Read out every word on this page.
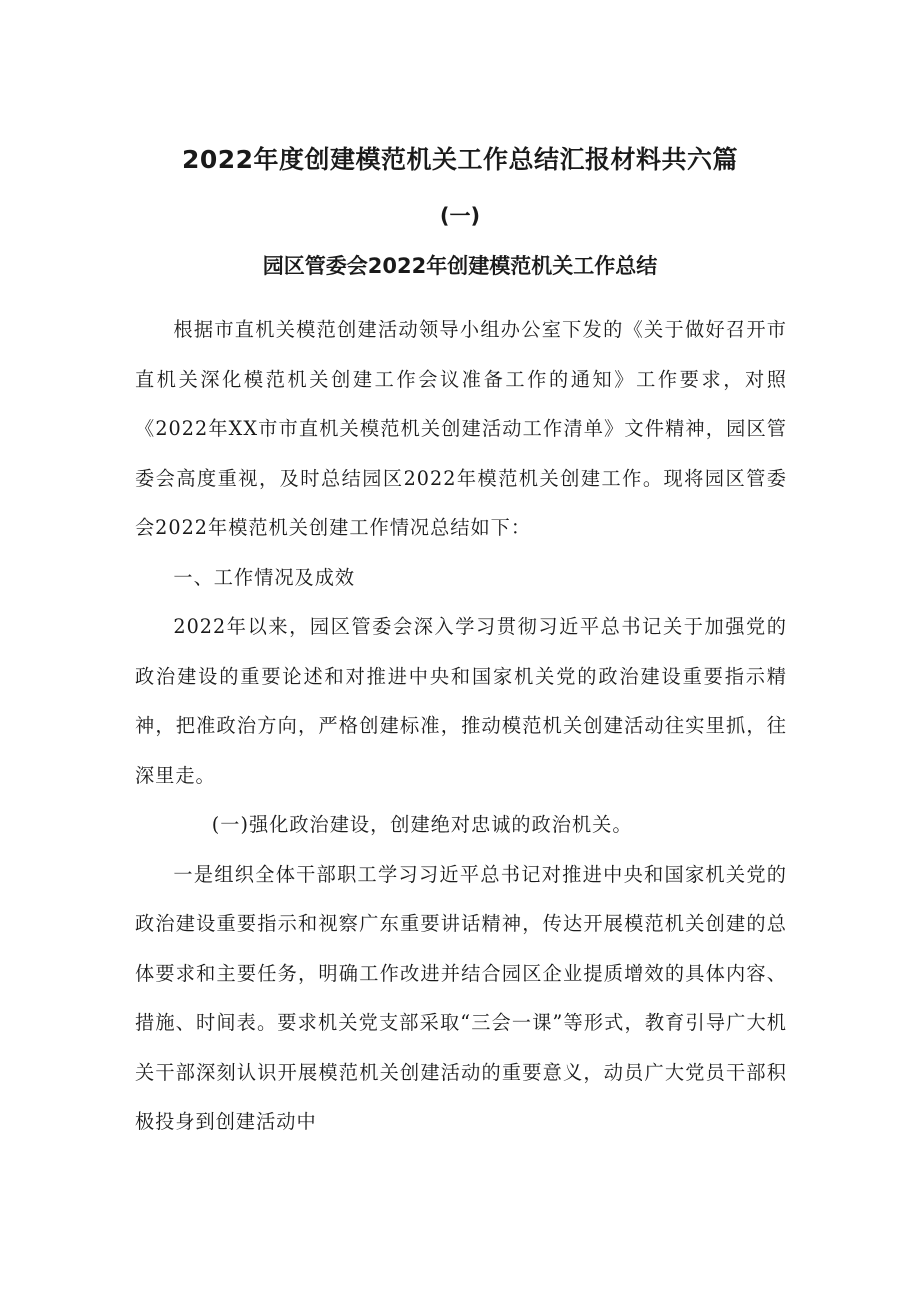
2022年度创建模范机关工作总结汇报材料共六篇
(一)
园区管委会2022年创建模范机关工作总结

根据市直机关模范创建活动领导小组办公室下发的《关于做好召开市直机关深化模范机关创建工作会议准备工作的通知》工作要求，对照《2022年XX市市直机关模范机关创建活动工作清单》文件精神，园区管委会高度重视，及时总结园区2022年模范机关创建工作。现将园区管委会2022年模范机关创建工作情况总结如下：

一、工作情况及成效

2022年以来，园区管委会深入学习贯彻习近平总书记关于加强党的政治建设的重要论述和对推进中央和国家机关党的政治建设重要指示精神，把准政治方向，严格创建标准，推动模范机关创建活动往实里抓，往深里走。

(一)强化政治建设，创建绝对忠诚的政治机关。

一是组织全体干部职工学习习近平总书记对推进中央和国家机关党的政治建设重要指示和视察广东重要讲话精神，传达开展模范机关创建的总体要求和主要任务，明确工作改进并结合园区企业提质增效的具体内容、措施、时间表。要求机关党支部采取“三会一课”等形式，教育引导广大机关干部深刻认识开展模范机关创建活动的重要意义，动员广大党员干部积极投身到创建活动中
